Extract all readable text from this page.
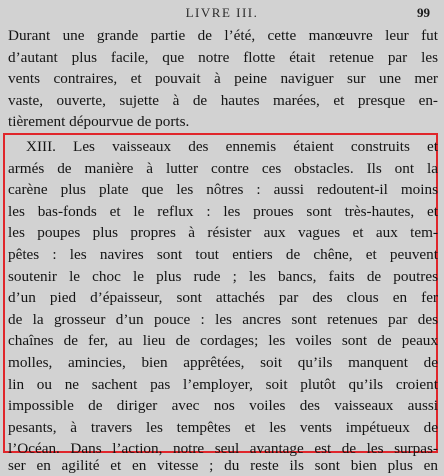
LIVRE III.	99

Durant une grande partie de l’été, cette manœuvre leur fut

d’autant plus facile, que notre flotte était retenue par les

vents contraires, et pouvait à peine naviguer sur une mer

vaste, ouverte, sujette à de hautes marées, et presque en-

tièrement dépourvue de ports.

XIII. Les vaisseaux des ennemis étaient construits et

armés de manière à lutter contre ces obstacles. Ils ont la

carène plus plate que les nôtres : aussi redoutent-il moins

les bas-fonds et le reflux : les proues sont très-hautes, et

les poupes plus propres à résister aux vagues et aux tem-

pêtes : les navires sont tout entiers de chêne, et peuvent

soutenir le choc le plus rude ; les bancs, faits de poutres

d’un pied d’épaisseur, sont attachés par des clous en fer

de la grosseur d’un pouce : les ancres sont retenues par des

chaînes de fer, au lieu de cordages; les voiles sont de peaux

molles, amincies, bien apprêtées, soit qu’ils manquent de

lin ou ne sachent pas l’employer, soit plutôt qu’ils croient

impossible de diriger avec nos voiles des vaisseaux aussi

pesants, à travers les tempêtes et les vents impétueux de

l’Océan. Dans l’action, notre seul avantage est de les surpas-

ser en agilité et en vitesse ; du reste ils sont bien plus en
